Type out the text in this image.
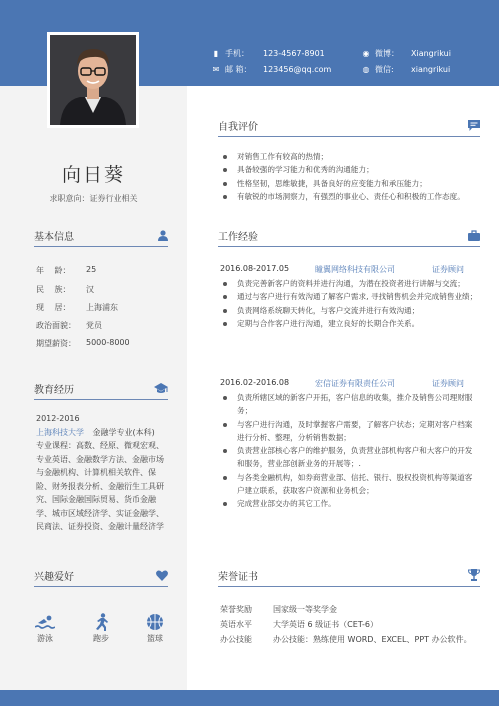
▮ 手机：	123-4567-8901
✉ 邮 箱：	123456@qq.com
◉ 微博：	Xiangrikui
◍ 微信:	xiangrikui
向日葵
求职意向：证券行业相关
基本信息
年　 龄：	25
民　 族：	汉
现　 居：	上海浦东
政治面貌：	党员
期望薪资：	5000-8000
教育经历
2012-2016
上海科技大学 金融学专业(本科)
专业课程：高数、经原、微观宏观、专业英语、金融数学方法、金融市场与金融机构、计算机相关软件、保险、财务报表分析、金融衍生工具研究、国际金融国际贸易、货币金融学、城市区域经济学、实证金融学、民商法、证券投资、金融计量经济学
兴趣爱好
游泳	跑步	篮球
自我评价
对销售工作有较高的热情；
具备较强的学习能力和优秀的沟通能力；
性格坚韧，思维敏捷，具备良好的应变能力和承压能力；
有敏锐的市场洞察力，有强烈的事业心、责任心和积极的工作态度。
工作经验
2016.08-2017.05	瞳翼网络科技有限公司	证券顾问
负责完善新客户的资料并进行沟通，为潜在投资者进行讲解与交流；
通过与客户进行有效沟通了解客户需求, 寻找销售机会并完成销售业绩；
负责网络系统聊天转化，与客户交流并进行有效沟通；
定期与合作客户进行沟通，建立良好的长期合作关系。
2016.02-2016.08	宏信证券有限责任公司	证券顾问
负责所辖区域的新客户开拓，客户信息的收集，推介及销售公司理财服务；
与客户进行沟通，及时掌握客户需要，了解客户状态；定期对客户档案进行分析、整理，分析销售数据；
负责营业部核心客户的维护服务，负责营业部机构客户和大客户的开发和服务，营业部创新业务的开展等；.
与各类金融机构，如券商营业部、信托、银行、股权投资机构等渠道客户建立联系，获取客户资源和业务机会；
完成营业部交办的其它工作。
荣誉证书
荣誉奖励	国家级一等奖学金
英语水平	大学英语 6 级证书（CET-6）
办公技能	办公技能：熟练使用 WORD、EXCEL、PPT 办公软件。
